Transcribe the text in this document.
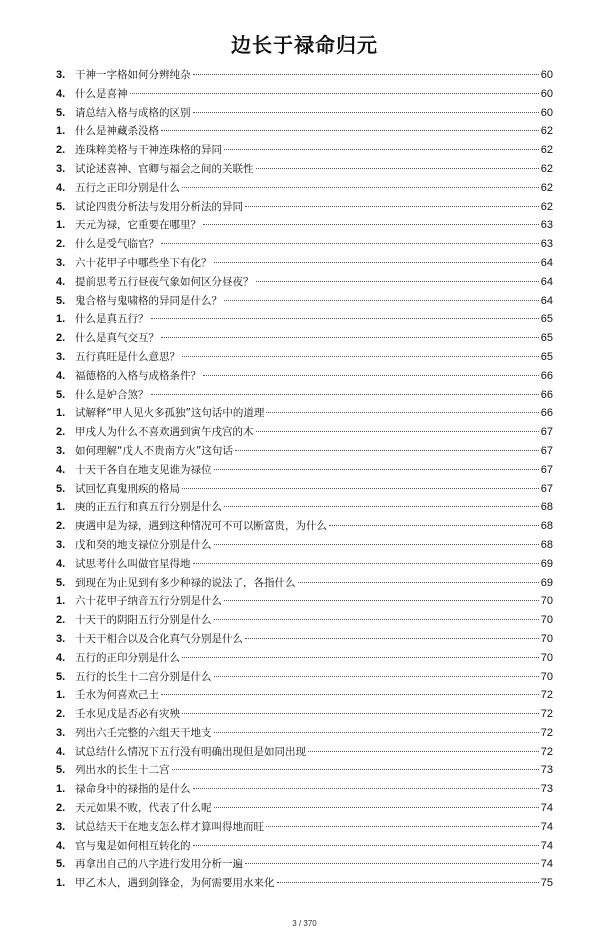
边长于禄命归元
3. 干神一字格如何分辨纯杂	60
4. 什么是喜神	60
5. 请总结入格与成格的区别	60
1. 什么是神藏杀没格	62
2. 连珠粹美格与干神连珠格的异同	62
3. 试论述喜神、官卿与福会之间的关联性	62
4. 五行之正印分别是什么	62
5. 试论四贵分析法与发用分析法的异同	62
1. 天元为禄，它重要在哪里？	63
2. 什么是受气临官？	63
3. 六十花甲子中哪些坐下有化？	64
4. 提前思考五行昼夜气象如何区分昼夜？	64
5. 鬼合格与鬼啸格的异同是什么？	64
1. 什么是真五行？	65
2. 什么是真气交互？	65
3. 五行真旺是什么意思？	65
4. 福德格的入格与成格条件？	66
5. 什么是妒合煞？	66
1. 试解释“甲人见火多孤独”这句话中的道理	66
2. 甲戌人为什么不喜欢遇到寅午戌宫的木	67
3. 如何理解“戊人不贵南方火”这句话	67
4. 十天干各自在地支见谁为禄位	67
5. 试回忆真鬼刑疾的格局	67
1. 庚的正五行和真五行分别是什么	68
2. 庚遇申是为禄，遇到这种情况可不可以断富贵，为什么	68
3. 戊和癸的地支禄位分别是什么	68
4. 试思考什么叫做官星得地	69
5. 到现在为止见到有多少种禄的说法了，各指什么	69
1. 六十花甲子纳音五行分别是什么	70
2. 十天干的阴阳五行分别是什么	70
3. 十天干相合以及合化真气分别是什么	70
4. 五行的正印分别是什么	70
5. 五行的长生十二宫分别是什么	70
1. 壬水为何喜欢己土	72
2. 壬水见戊是否必有灾殃	72
3. 列出六壬完整的六组天干地支	72
4. 试总结什么情况下五行没有明确出现但是如同出现	72
5. 列出水的长生十二宫	73
1. 禄命身中的禄指的是什么	73
2. 天元如果不败，代表了什么呢	74
3. 试总结天干在地支怎么样才算叫得地而旺	74
4. 官与鬼是如何相互转化的	74
5. 再拿出自己的八字进行发用分析一遍	74
1. 甲乙木人，遇到剑锋金，为何需要用水来化	75
3 / 370
